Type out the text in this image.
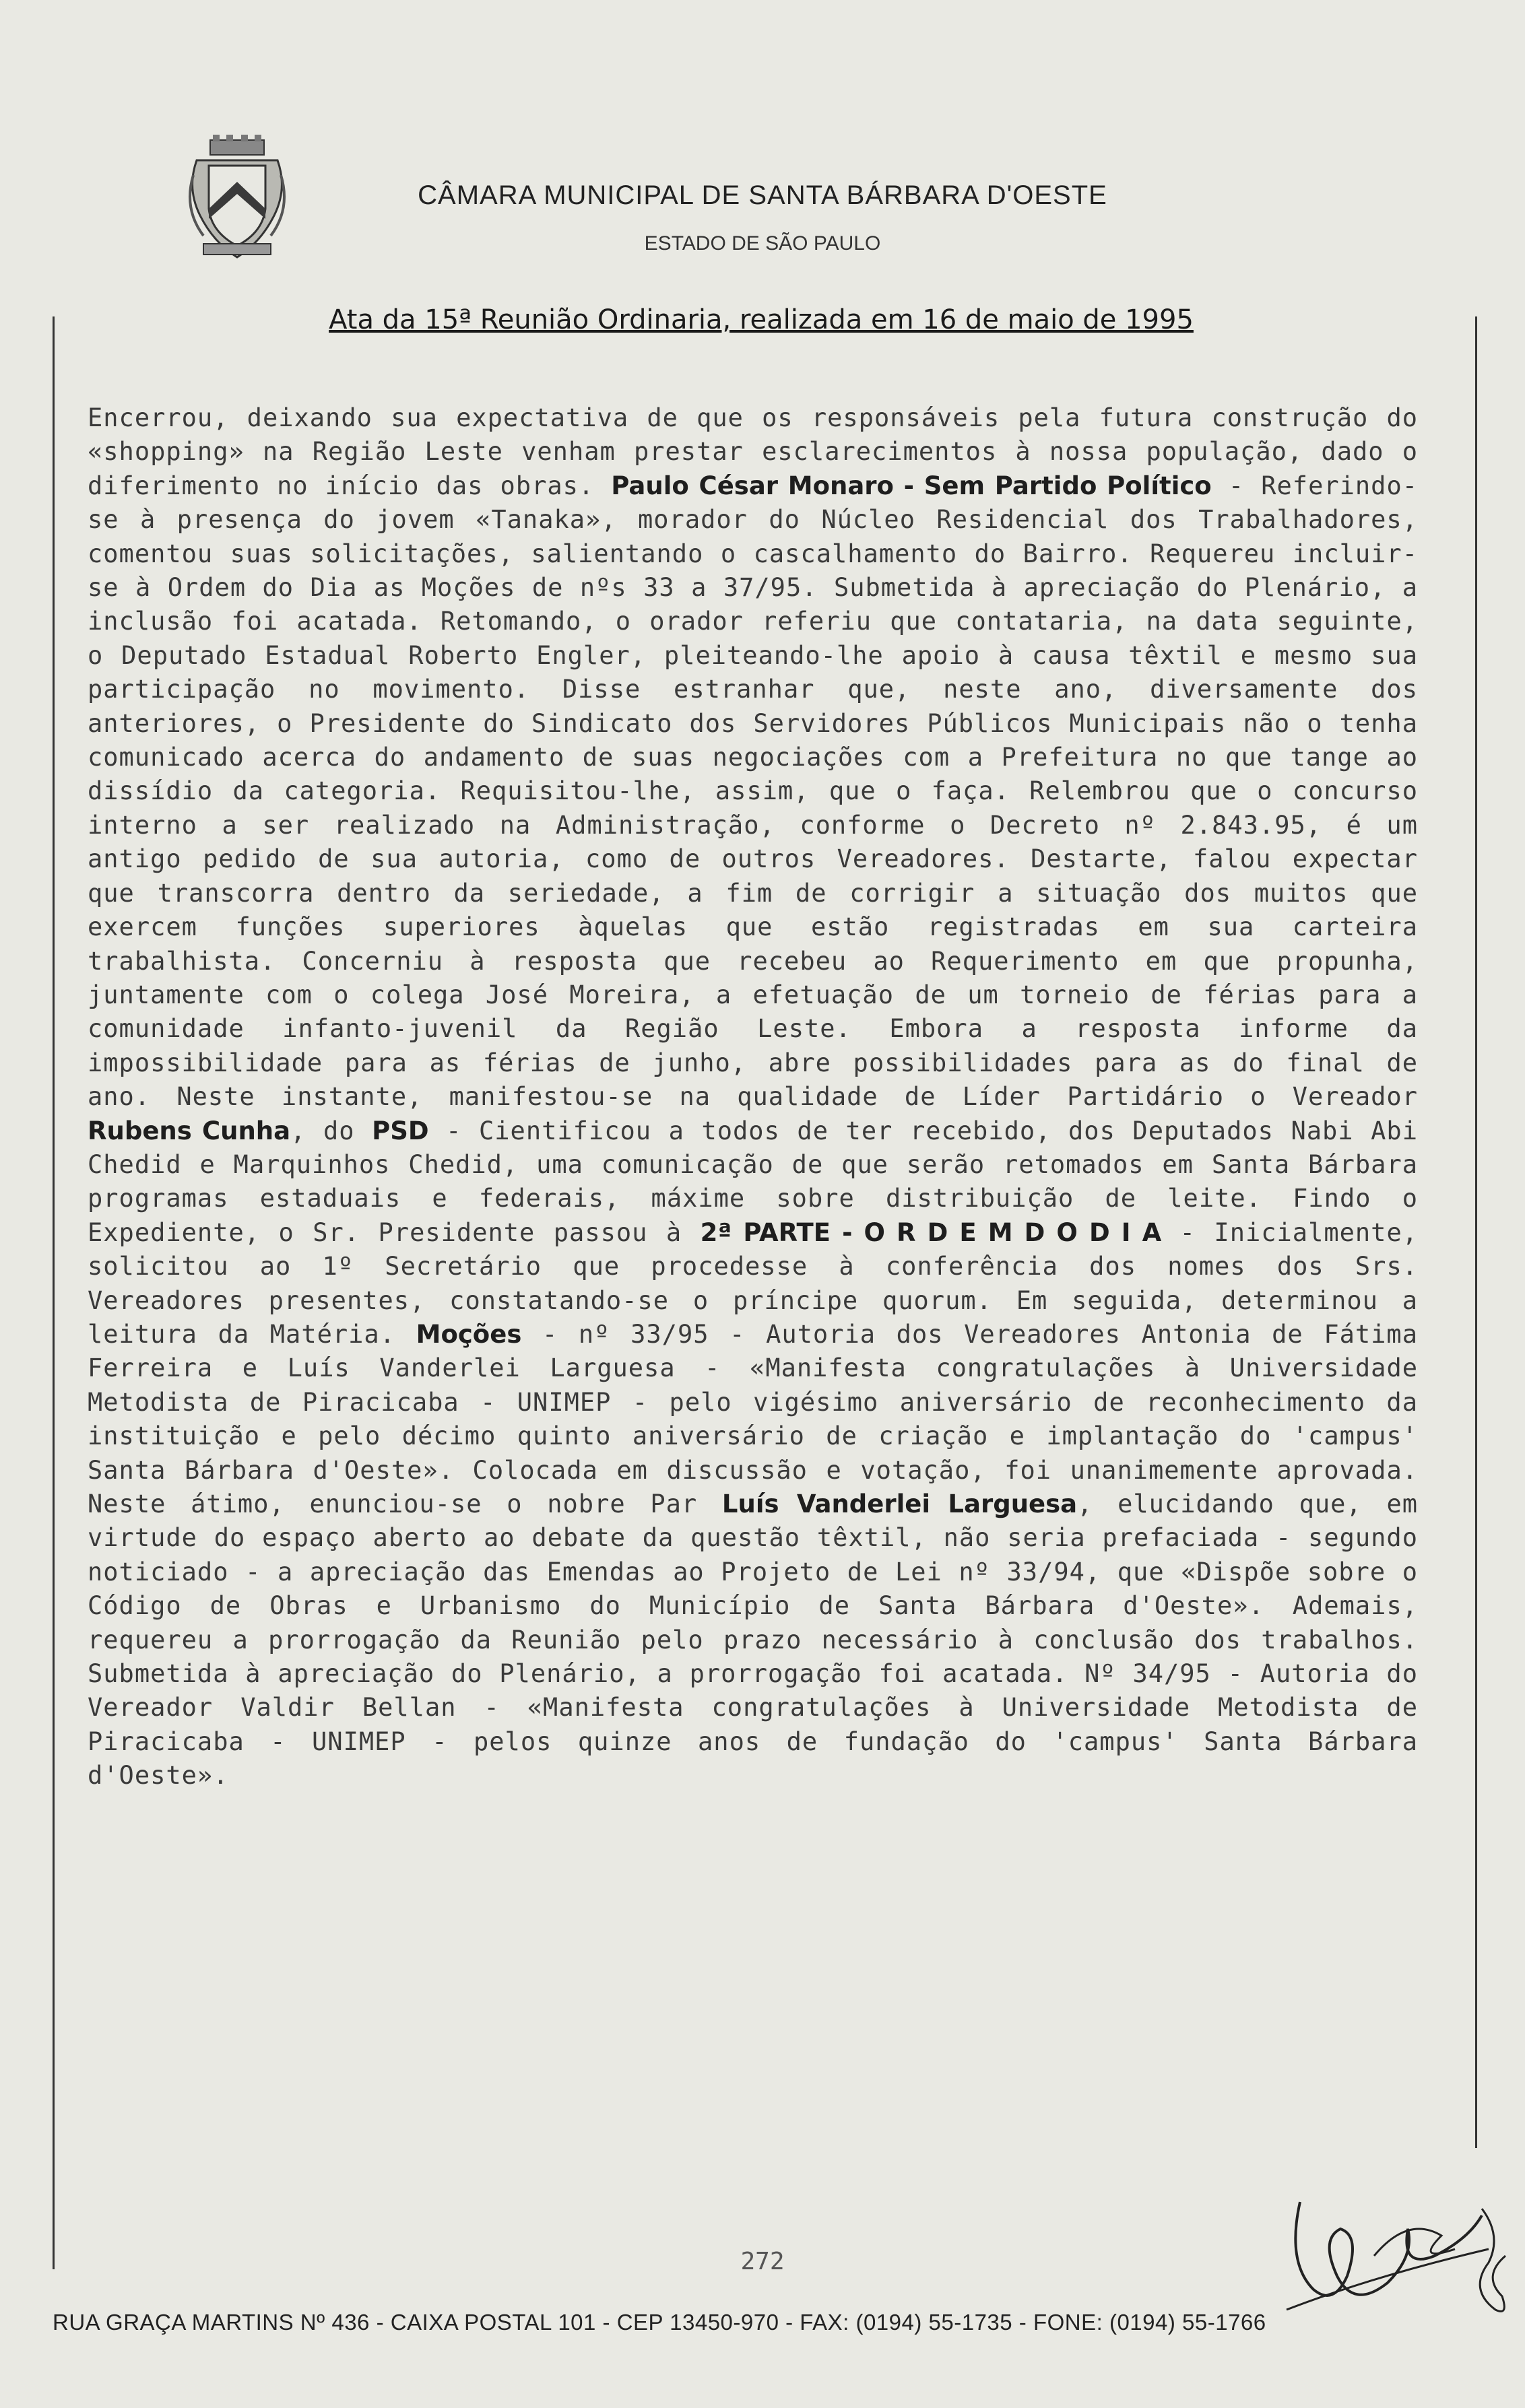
CÂMARA MUNICIPAL DE SANTA BÁRBARA D'OESTE
ESTADO DE SÃO PAULO
Ata da 15ª Reunião Ordinaria, realizada em 16 de maio de 1995

Encerrou, deixando sua expectativa de que os responsáveis pela futura construção do «shopping» na Região Leste venham prestar esclarecimentos à nossa população, dado o diferimento no início das obras. Paulo César Monaro - Sem Partido Político - Referindo-se à presença do jovem «Tanaka», morador do Núcleo Residencial dos Trabalhadores, comentou suas solicitações, salientando o cascalhamento do Bairro. Requereu incluir-se à Ordem do Dia as Moções de nºs 33 a 37/95. Submetida à apreciação do Plenário, a inclusão foi acatada. Retomando, o orador referiu que contataria, na data seguinte, o Deputado Estadual Roberto Engler, pleiteando-lhe apoio à causa têxtil e mesmo sua participação no movimento. Disse estranhar que, neste ano, diversamente dos anteriores, o Presidente do Sindicato dos Servidores Públicos Municipais não o tenha comunicado acerca do andamento de suas negociações com a Prefeitura no que tange ao dissídio da categoria. Requisitou-lhe, assim, que o faça. Relembrou que o concurso interno a ser realizado na Administração, conforme o Decreto nº 2.843.95, é um antigo pedido de sua autoria, como de outros Vereadores. Destarte, falou expectar que transcorra dentro da seriedade, a fim de corrigir a situação dos muitos que exercem funções superiores àquelas que estão registradas em sua carteira trabalhista. Concerniu à resposta que recebeu ao Requerimento em que propunha, juntamente com o colega José Moreira, a efetuação de um torneio de férias para a comunidade infanto-juvenil da Região Leste. Embora a resposta informe da impossibilidade para as férias de junho, abre possibilidades para as do final de ano. Neste instante, manifestou-se na qualidade de Líder Partidário o Vereador Rubens Cunha, do PSD - Cientificou a todos de ter recebido, dos Deputados Nabi Abi Chedid e Marquinhos Chedid, uma comunicação de que serão retomados em Santa Bárbara programas estaduais e federais, máxime sobre distribuição de leite. Findo o Expediente, o Sr. Presidente passou à 2ª PARTE - O R D E M D O D I A - Inicialmente, solicitou ao 1º Secretário que procedesse à conferência dos nomes dos Srs. Vereadores presentes, constatando-se o príncipe quorum. Em seguida, determinou a leitura da Matéria. Moções - nº 33/95 - Autoria dos Vereadores Antonia de Fátima Ferreira e Luís Vanderlei Larguesa - «Manifesta congratulações à Universidade Metodista de Piracicaba - UNIMEP - pelo vigésimo aniversário de reconhecimento da instituição e pelo décimo quinto aniversário de criação e implantação do 'campus' Santa Bárbara d'Oeste». Colocada em discussão e votação, foi unanimemente aprovada. Neste átimo, enunciou-se o nobre Par Luís Vanderlei Larguesa, elucidando que, em virtude do espaço aberto ao debate da questão têxtil, não seria prefaciada - segundo noticiado - a apreciação das Emendas ao Projeto de Lei nº 33/94, que «Dispõe sobre o Código de Obras e Urbanismo do Município de Santa Bárbara d'Oeste». Ademais, requereu a prorrogação da Reunião pelo prazo necessário à conclusão dos trabalhos. Submetida à apreciação do Plenário, a prorrogação foi acatada. Nº 34/95 - Autoria do Vereador Valdir Bellan - «Manifesta congratulações à Universidade Metodista de Piracicaba - UNIMEP - pelos quinze anos de fundação do 'campus' Santa Bárbara d'Oeste».

272
RUA GRAÇA MARTINS Nº 436 - CAIXA POSTAL 101 - CEP 13450-970 - FAX: (0194) 55-1735 - FONE: (0194) 55-1766
